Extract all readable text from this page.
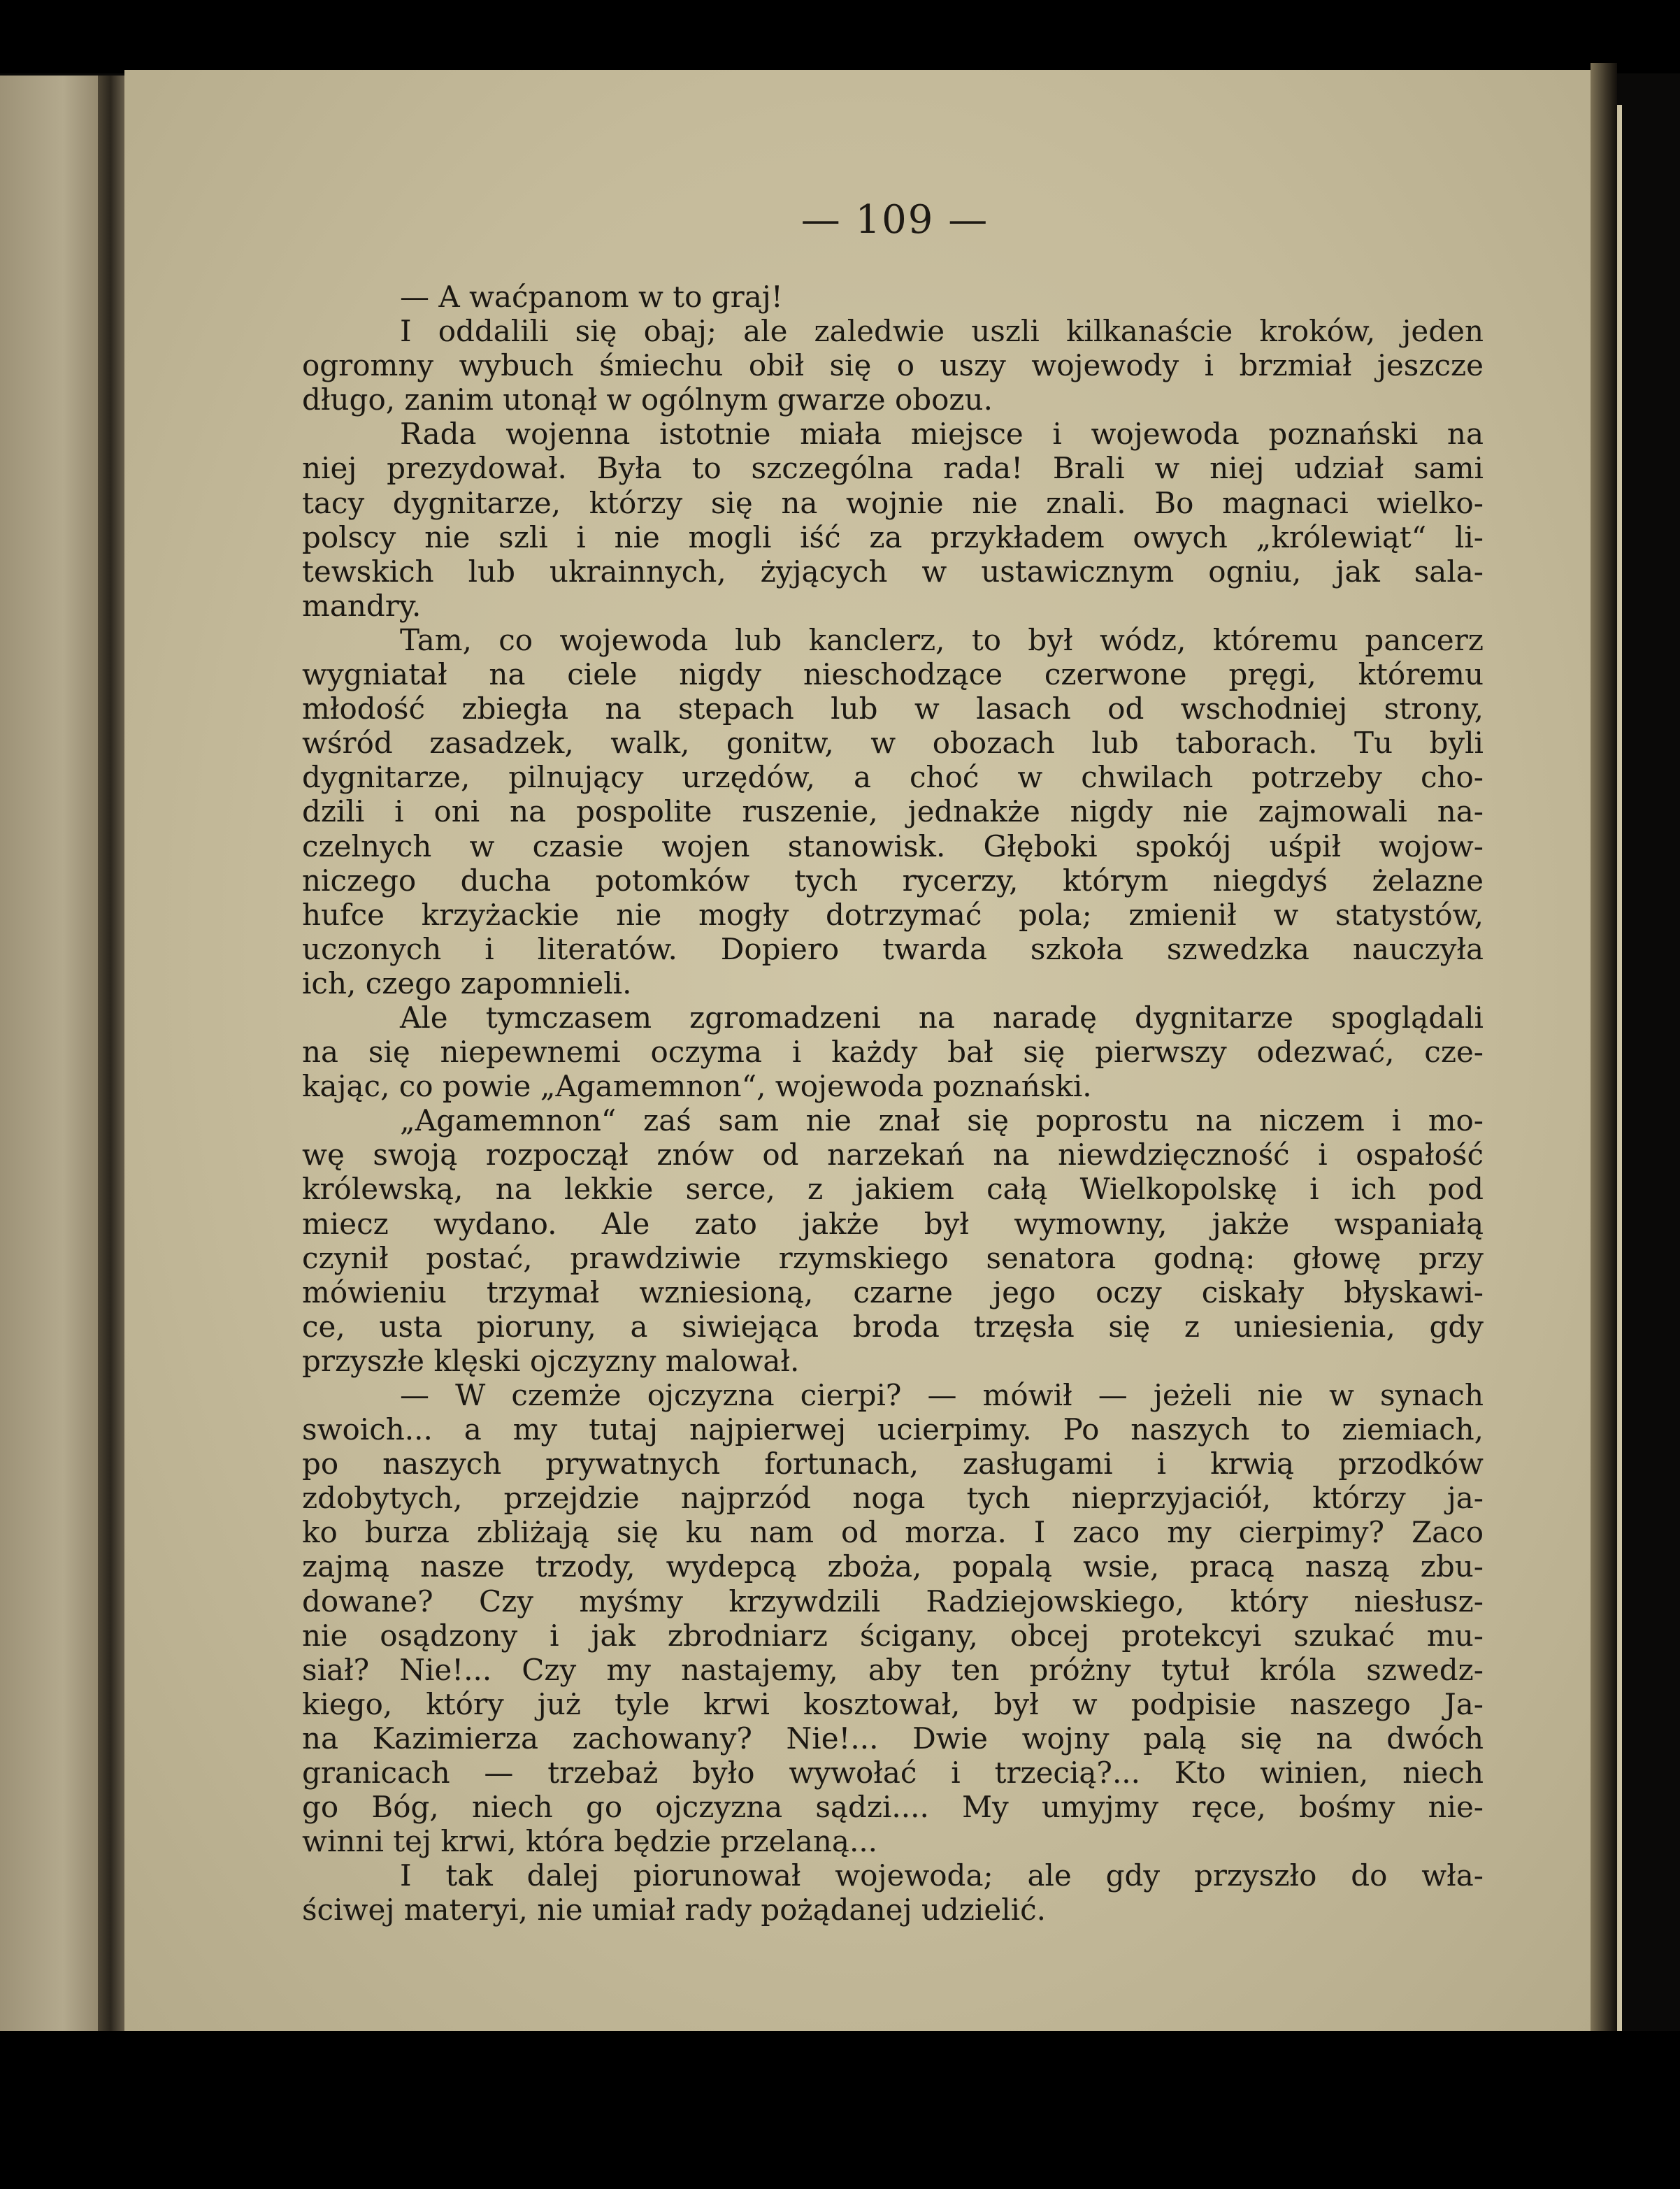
— 109 —
— A waćpanom w to graj!
I oddalili się obaj; ale zaledwie uszli kilkanaście kroków, jeden
ogromny wybuch śmiechu obił się o uszy wojewody i brzmiał jeszcze
długo, zanim utonął w ogólnym gwarze obozu.
Rada wojenna istotnie miała miejsce i wojewoda poznański na
niej prezydował. Była to szczególna rada! Brali w niej udział sami
tacy dygnitarze, którzy się na wojnie nie znali. Bo magnaci wielko-
polscy nie szli i nie mogli iść za przykładem owych „królewiąt“ li-
tewskich lub ukrainnych, żyjących w ustawicznym ogniu, jak sala-
mandry.
Tam, co wojewoda lub kanclerz, to był wódz, któremu pancerz
wygniatał na ciele nigdy nieschodzące czerwone pręgi, któremu
młodość zbiegła na stepach lub w lasach od wschodniej strony,
wśród zasadzek, walk, gonitw, w obozach lub taborach. Tu byli
dygnitarze, pilnujący urzędów, a choć w chwilach potrzeby cho-
dzili i oni na pospolite ruszenie, jednakże nigdy nie zajmowali na-
czelnych w czasie wojen stanowisk. Głęboki spokój uśpił wojow-
niczego ducha potomków tych rycerzy, którym niegdyś żelazne
hufce krzyżackie nie mogły dotrzymać pola; zmienił w statystów,
uczonych i literatów. Dopiero twarda szkoła szwedzka nauczyła
ich, czego zapomnieli.
Ale tymczasem zgromadzeni na naradę dygnitarze spoglądali
na się niepewnemi oczyma i każdy bał się pierwszy odezwać, cze-
kając, co powie „Agamemnon“, wojewoda poznański.
„Agamemnon“ zaś sam nie znał się poprostu na niczem i mo-
wę swoją rozpoczął znów od narzekań na niewdzięczność i ospałość
królewską, na lekkie serce, z jakiem całą Wielkopolskę i ich pod
miecz wydano. Ale zato jakże był wymowny, jakże wspaniałą
czynił postać, prawdziwie rzymskiego senatora godną: głowę przy
mówieniu trzymał wzniesioną, czarne jego oczy ciskały błyskawi-
ce, usta pioruny, a siwiejąca broda trzęsła się z uniesienia, gdy
przyszłe klęski ojczyzny malował.
— W czemże ojczyzna cierpi? — mówił — jeżeli nie w synach
swoich... a my tutaj najpierwej ucierpimy. Po naszych to ziemiach,
po naszych prywatnych fortunach, zasługami i krwią przodków
zdobytych, przejdzie najprzód noga tych nieprzyjaciół, którzy ja-
ko burza zbliżają się ku nam od morza. I zaco my cierpimy? Zaco
zajmą nasze trzody, wydepcą zboża, popalą wsie, pracą naszą zbu-
dowane? Czy myśmy krzywdzili Radziejowskiego, który niesłusz-
nie osądzony i jak zbrodniarz ścigany, obcej protekcyi szukać mu-
siał? Nie!... Czy my nastajemy, aby ten próżny tytuł króla szwedz-
kiego, który już tyle krwi kosztował, był w podpisie naszego Ja-
na Kazimierza zachowany? Nie!... Dwie wojny palą się na dwóch
granicach — trzebaż było wywołać i trzecią?... Kto winien, niech
go Bóg, niech go ojczyzna sądzi.... My umyjmy ręce, bośmy nie-
winni tej krwi, która będzie przelaną...
I tak dalej piorunował wojewoda; ale gdy przyszło do wła-
ściwej materyi, nie umiał rady pożądanej udzielić.
